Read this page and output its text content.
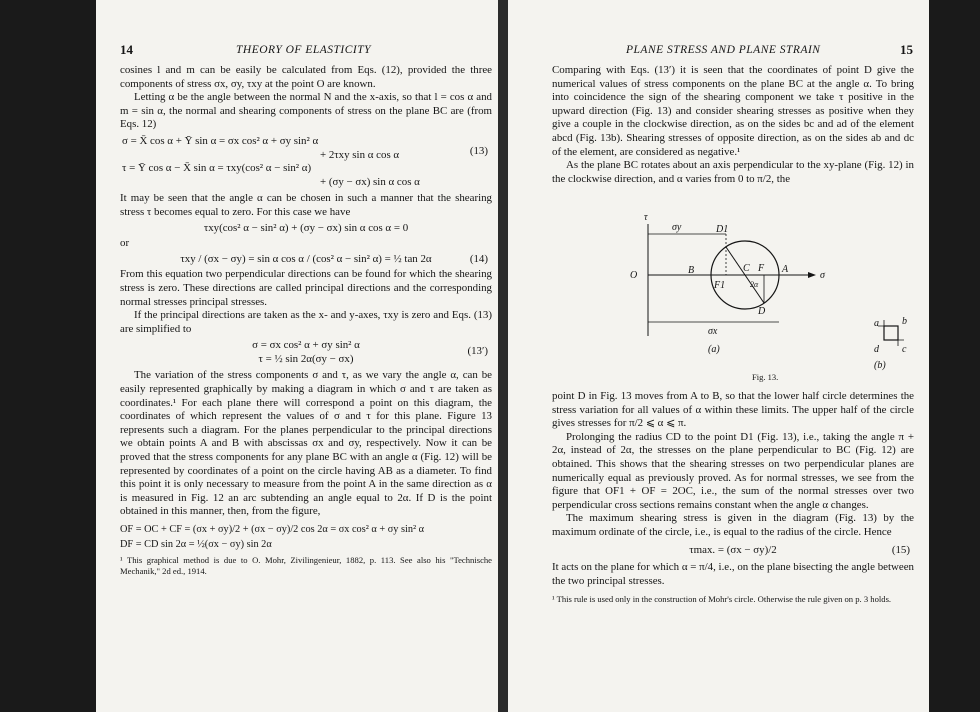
14	THEORY OF ELASTICITY

cosines l and m can be easily be calculated from Eqs. (12), provided the three components of stress σx, σy, τxy at the point O are known.

Letting α be the angle between the normal N and the x-axis, so that l = cos α and m = sin α, the normal and shearing components of stress on the plane BC are (from Eqs. 12)

σ = X̄ cos α + Ȳ sin α = σx cos² α + σy sin² α
+ 2τxy sin α cos α
τ = Ȳ cos α − X̄ sin α = τxy(cos² α − sin² α)
+ (σy − σx) sin α cos α
(13)

It may be seen that the angle α can be chosen in such a manner that the shearing stress τ becomes equal to zero. For this case we have

τxy(cos² α − sin² α) + (σy − σx) sin α cos α = 0

or

τxy / (σx − σy) = sin α cos α / (cos² α − sin² α) = ½ tan 2α	(14)

From this equation two perpendicular directions can be found for which the shearing stress is zero. These directions are called principal directions and the corresponding normal stresses principal stresses.

If the principal directions are taken as the x- and y-axes, τxy is zero and Eqs. (13) are simplified to

σ = σx cos² α + σy sin² α
τ = ½ sin 2α(σy − σx)
(13′)

The variation of the stress components σ and τ, as we vary the angle α, can be easily represented graphically by making a diagram in which σ and τ are taken as coordinates.¹ For each plane there will correspond a point on this diagram, the coordinates of which represent the values of σ and τ for this plane. Figure 13 represents such a diagram. For the planes perpendicular to the principal directions we obtain points A and B with abscissas σx and σy, respectively. Now it can be proved that the stress components for any plane BC with an angle α (Fig. 12) will be represented by coordinates of a point on the circle having AB as a diameter. To find this point it is only necessary to measure from the point A in the same direction as α is measured in Fig. 12 an arc subtending an angle equal to 2α. If D is the point obtained in this manner, then, from the figure,

OF = OC + CF = (σx + σy)/2 + (σx − σy)/2 cos 2α = σx cos² α + σy sin² α
DF = CD sin 2α = ½(σx − σy) sin 2α

¹ This graphical method is due to O. Mohr, Zivilingenieur, 1882, p. 113. See also his "Technische Mechanik," 2d ed., 1914.

PLANE STRESS AND PLANE STRAIN	15

Comparing with Eqs. (13′) it is seen that the coordinates of point D give the numerical values of stress components on the plane BC at the angle α. To bring into coincidence the sign of the shearing component we take τ positive in the upward direction (Fig. 13) and consider shearing stresses as positive when they give a couple in the clockwise direction, as on the sides bc and ad of the element abcd (Fig. 13b). Shearing stresses of opposite direction, as on the sides ab and dc of the element, are considered as negative.¹

As the plane BC rotates about an axis perpendicular to the xy-plane (Fig. 12) in the clockwise direction, and α varies from 0 to π/2, the

τ
σy	D1
O	B	C F A
σ
F1	2α
D
σx
(a)
a b
c
d
(b)
Fig. 13.

point D in Fig. 13 moves from A to B, so that the lower half circle determines the stress variation for all values of α within these limits. The upper half of the circle gives stresses for π/2 ⩽ α ⩽ π.

Prolonging the radius CD to the point D1 (Fig. 13), i.e., taking the angle π + 2α, instead of 2α, the stresses on the plane perpendicular to BC (Fig. 12) are obtained. This shows that the shearing stresses on two perpendicular planes are numerically equal as previously proved. As for normal stresses, we see from the figure that OF1 + OF = 2OC, i.e., the sum of the normal stresses over two perpendicular cross sections remains constant when the angle α changes.

The maximum shearing stress is given in the diagram (Fig. 13) by the maximum ordinate of the circle, i.e., is equal to the radius of the circle. Hence

τmax. = (σx − σy)/2	(15)

It acts on the plane for which α = π/4, i.e., on the plane bisecting the angle between the two principal stresses.

¹ This rule is used only in the construction of Mohr's circle. Otherwise the rule given on p. 3 holds.
